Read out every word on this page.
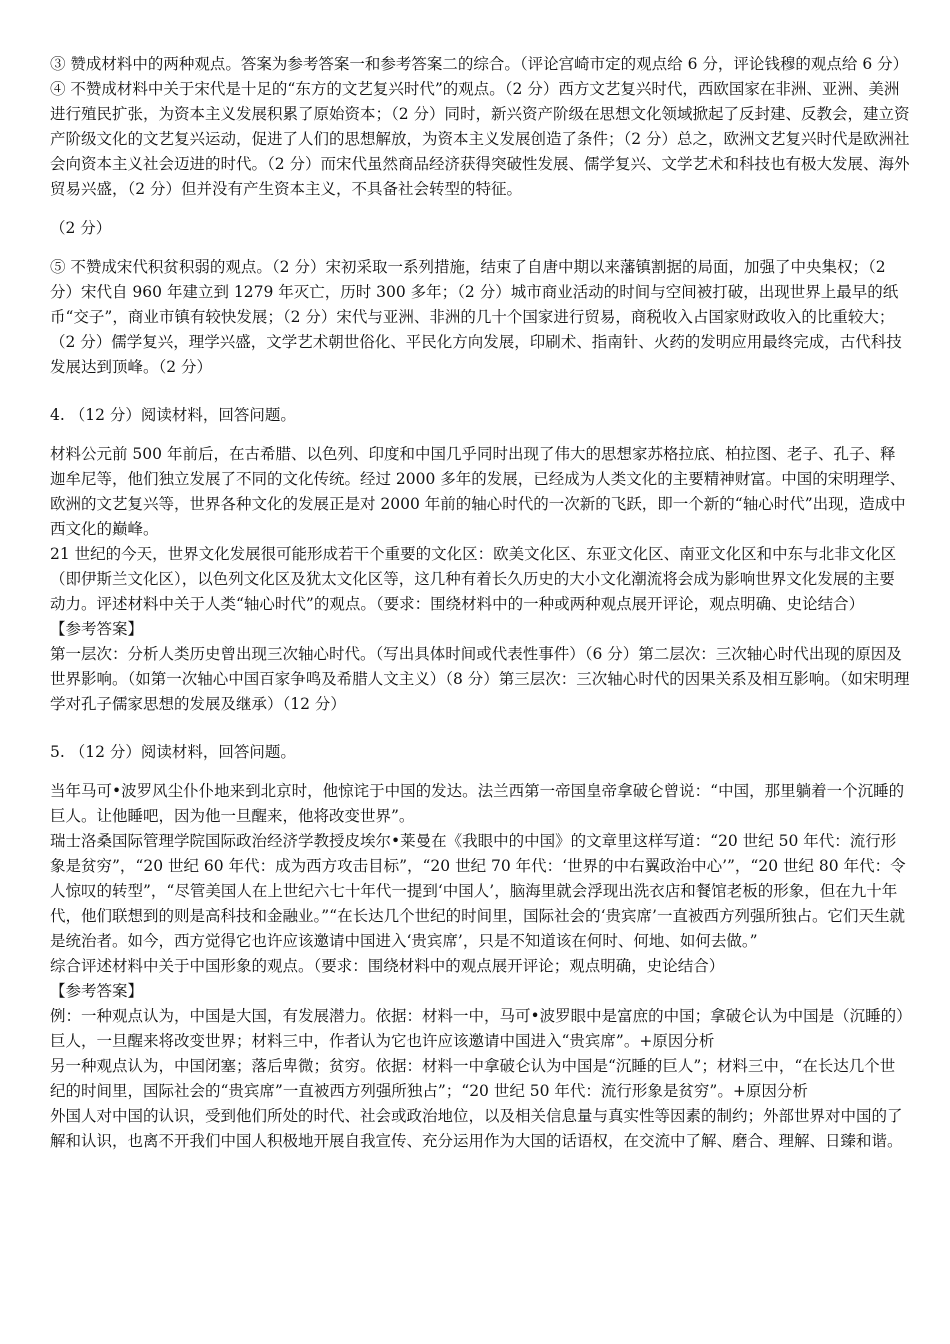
③ 赞成材料中的两种观点。答案为参考答案一和参考答案二的综合。（评论宫崎市定的观点给 6 分，评论钱穆的观点给 6 分）

④ 不赞成材料中关于宋代是十足的“东方的文艺复兴时代”的观点。（2 分）西方文艺复兴时代，西欧国家在非洲、亚洲、美洲进行殖民扩张，为资本主义发展积累了原始资本；（2 分）同时，新兴资产阶级在思想文化领域掀起了反封建、反教会，建立资产阶级文化的文艺复兴运动，促进了人们的思想解放，为资本主义发展创造了条件；（2 分）总之，欧洲文艺复兴时代是欧洲社会向资本主义社会迈进的时代。（2 分）而宋代虽然商品经济获得突破性发展、儒学复兴、文学艺术和科技也有极大发展、海外贸易兴盛，（2 分）但并没有产生资本主义，不具备社会转型的特征。

（2 分）

⑤ 不赞成宋代积贫积弱的观点。（2 分）宋初采取一系列措施，结束了自唐中期以来藩镇割据的局面，加强了中央集权；（2 分）宋代自 960 年建立到 1279 年灭亡，历时 300 多年；（2 分）城市商业活动的时间与空间被打破，出现世界上最早的纸币“交子”，商业市镇有较快发展；（2 分）宋代与亚洲、非洲的几十个国家进行贸易，商税收入占国家财政收入的比重较大；（2 分）儒学复兴，理学兴盛，文学艺术朝世俗化、平民化方向发展，印刷术、指南针、火药的发明应用最终完成，古代科技发展达到顶峰。（2 分）

4. （12 分）阅读材料，回答问题。

材料公元前 500 年前后，在古希腊、以色列、印度和中国几乎同时出现了伟大的思想家苏格拉底、柏拉图、老子、孔子、释迦牟尼等，他们独立发展了不同的文化传统。经过 2000 多年的发展，已经成为人类文化的主要精神财富。中国的宋明理学、欧洲的文艺复兴等，世界各种文化的发展正是对 2000 年前的轴心时代的一次新的飞跃，即一个新的“轴心时代”出现，造成中西文化的巅峰。

21 世纪的今天，世界文化发展很可能形成若干个重要的文化区：欧美文化区、东亚文化区、南亚文化区和中东与北非文化区（即伊斯兰文化区），以色列文化区及犹太文化区等，这几种有着长久历史的大小文化潮流将会成为影响世界文化发展的主要动力。评述材料中关于人类“轴心时代”的观点。（要求：围绕材料中的一种或两种观点展开评论，观点明确、史论结合）

【参考答案】

第一层次：分析人类历史曾出现三次轴心时代。（写出具体时间或代表性事件）（6 分）第二层次：三次轴心时代出现的原因及世界影响。（如第一次轴心中国百家争鸣及希腊人文主义）（8 分）第三层次：三次轴心时代的因果关系及相互影响。（如宋明理学对孔子儒家思想的发展及继承）（12 分）

5. （12 分）阅读材料，回答问题。

当年马可•波罗风尘仆仆地来到北京时，他惊诧于中国的发达。法兰西第一帝国皇帝拿破仑曾说：“中国，那里躺着一个沉睡的巨人。让他睡吧，因为他一旦醒来，他将改变世界”。

瑞士洛桑国际管理学院国际政治经济学教授皮埃尔•莱曼在《我眼中的中国》的文章里这样写道：“20 世纪 50 年代：流行形象是贫穷”，“20 世纪 60 年代：成为西方攻击目标”，“20 世纪 70 年代：‘世界的中右翼政治中心’”，“20 世纪 80 年代：令人惊叹的转型”，“尽管美国人在上世纪六七十年代一提到‘中国人’，脑海里就会浮现出洗衣店和餐馆老板的形象，但在九十年代，他们联想到的则是高科技和金融业。”“在长达几个世纪的时间里，国际社会的‘贵宾席’一直被西方列强所独占。它们天生就是统治者。如今，西方觉得它也许应该邀请中国进入‘贵宾席’，只是不知道该在何时、何地、如何去做。”

综合评述材料中关于中国形象的观点。（要求：围绕材料中的观点展开评论；观点明确，史论结合）

【参考答案】

例：一种观点认为，中国是大国，有发展潜力。依据：材料一中，马可•波罗眼中是富庶的中国；拿破仑认为中国是（沉睡的）巨人，一旦醒来将改变世界；材料三中，作者认为它也许应该邀请中国进入“贵宾席”。+原因分析

另一种观点认为，中国闭塞；落后卑微；贫穷。依据：材料一中拿破仑认为中国是“沉睡的巨人”；材料三中，“在长达几个世纪的时间里，国际社会的“贵宾席”一直被西方列强所独占”；“20 世纪 50 年代：流行形象是贫穷”。+原因分析

外国人对中国的认识，受到他们所处的时代、社会或政治地位，以及相关信息量与真实性等因素的制约；外部世界对中国的了解和认识，也离不开我们中国人积极地开展自我宣传、充分运用作为大国的话语权，在交流中了解、磨合、理解、日臻和谐。
